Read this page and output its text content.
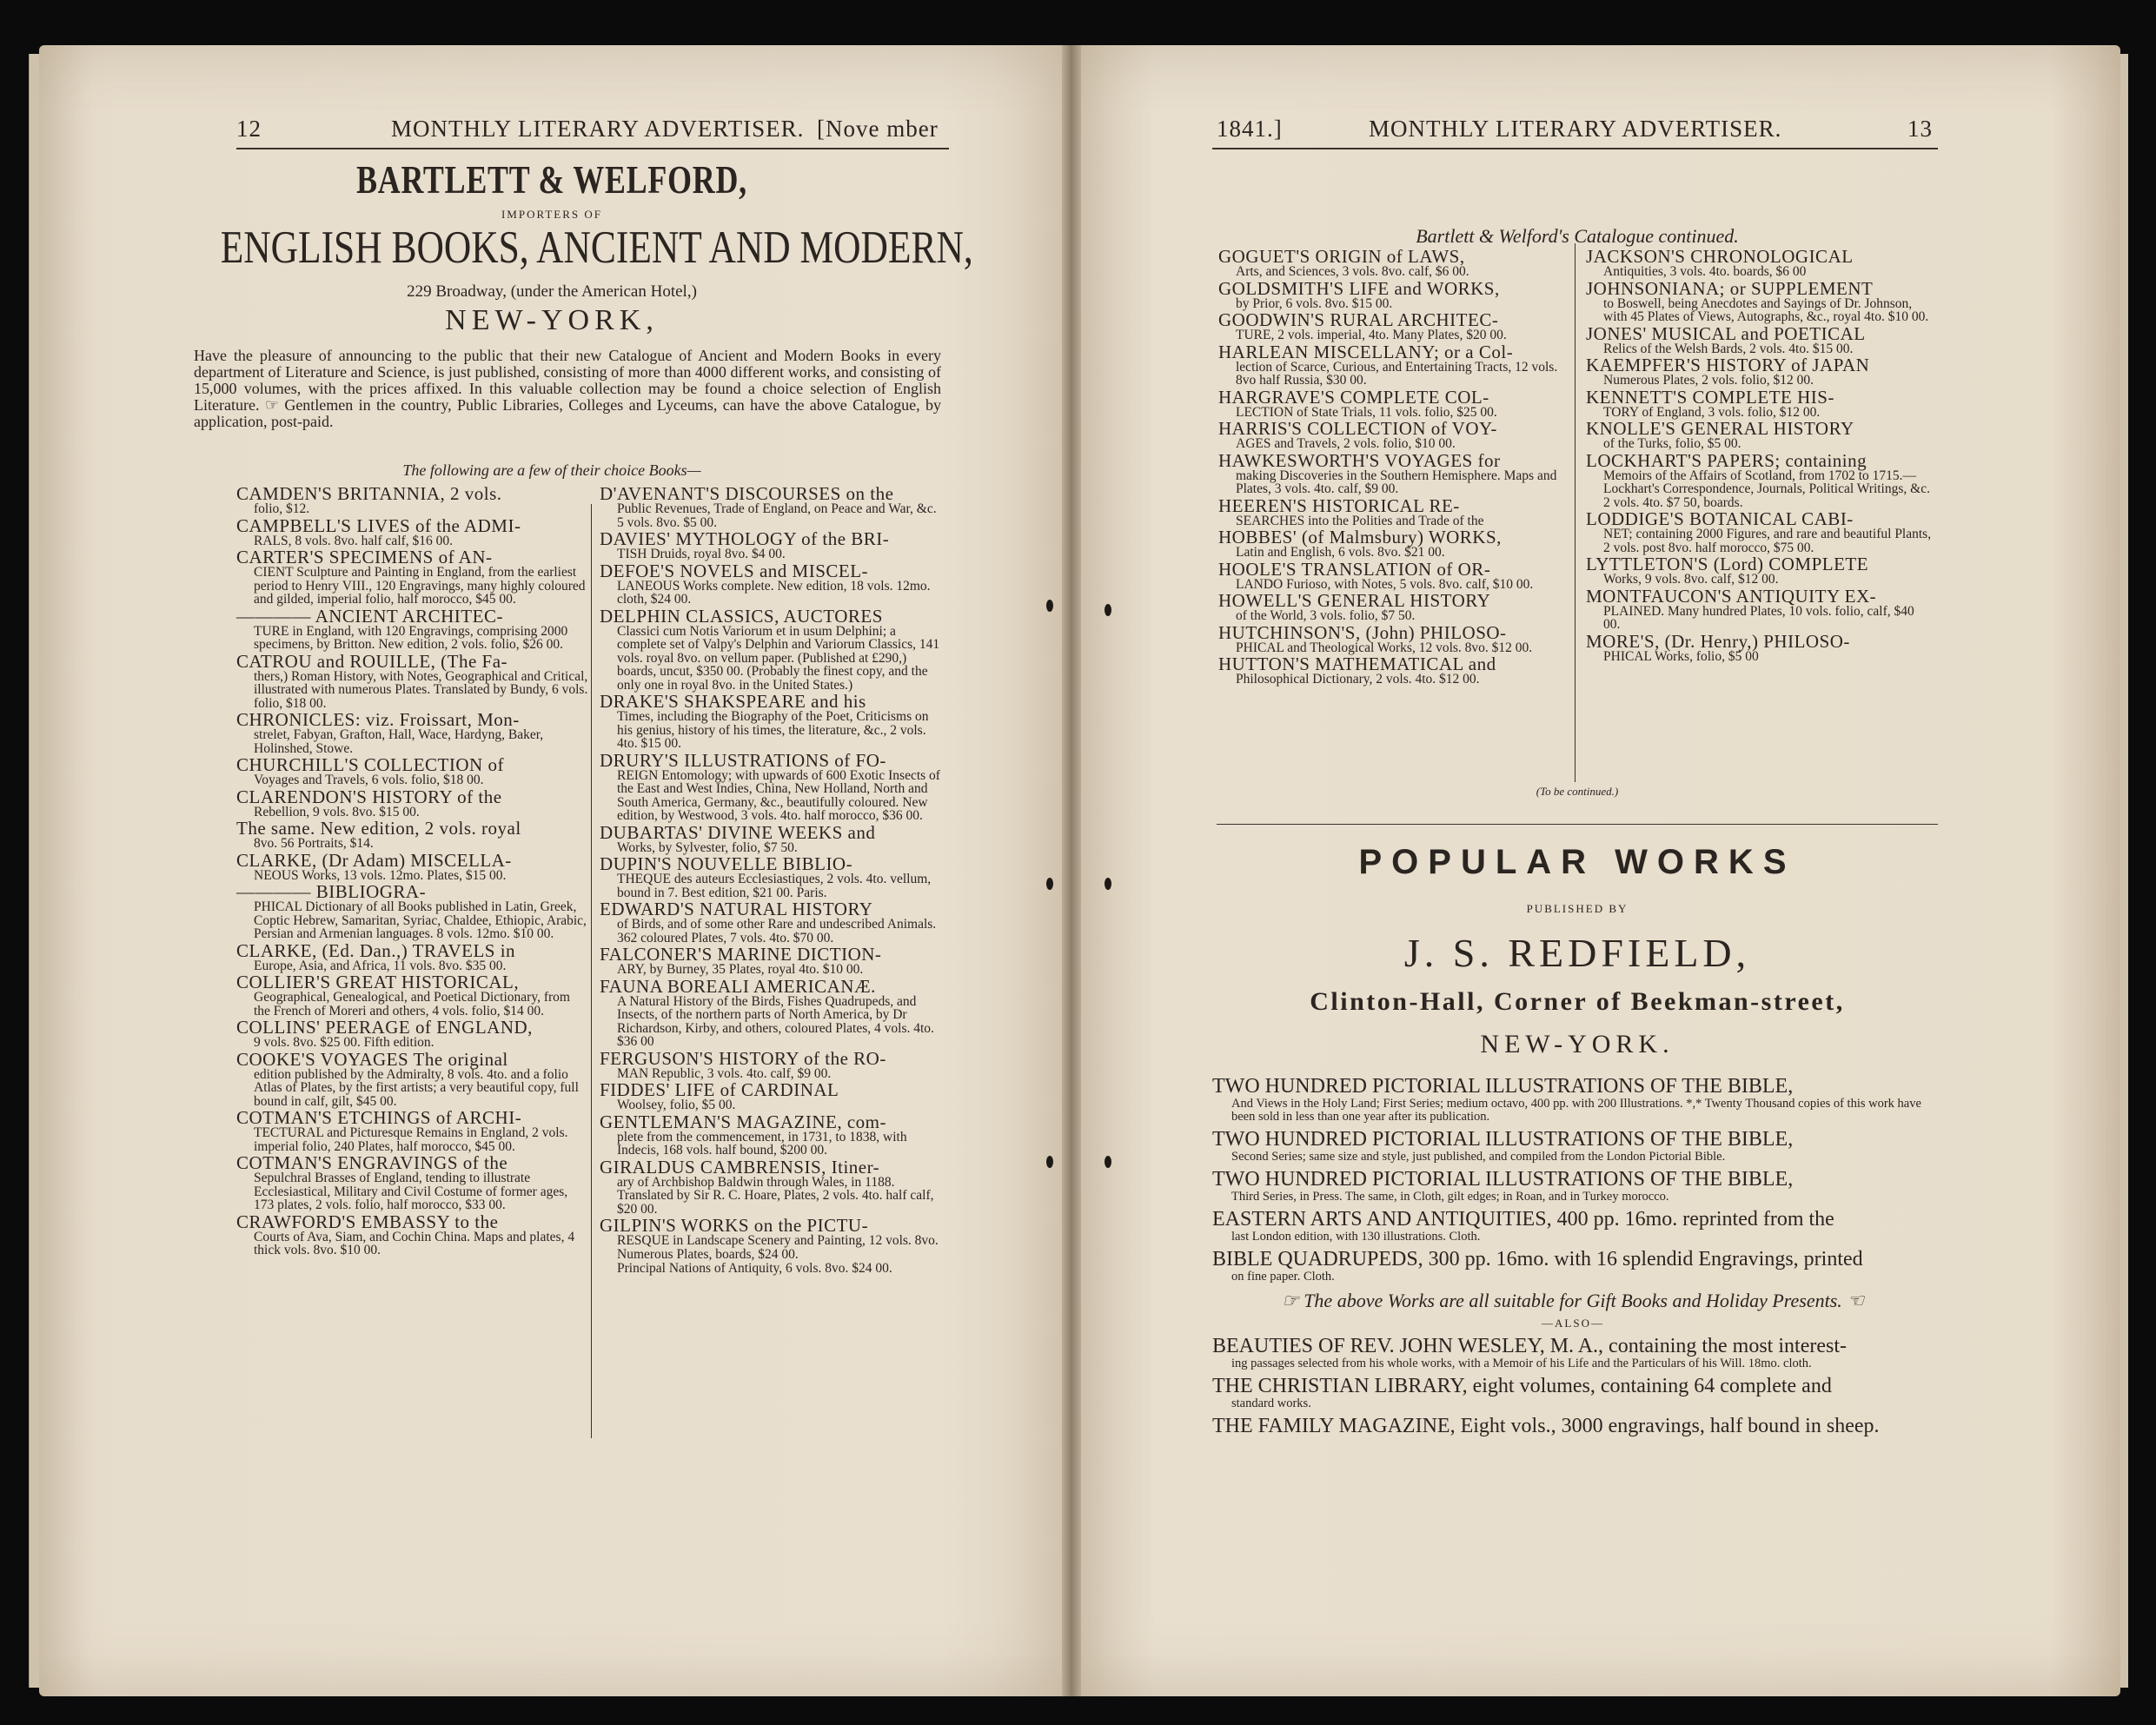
12	MONTHLY LITERARY ADVERTISER. [Nove mber
BARTLETT & WELFORD,
IMPORTERS OF
ENGLISH BOOKS, ANCIENT AND MODERN,
229 Broadway, (under the American Hotel,)
NEW-YORK,
Have the pleasure of announcing to the public that their new Catalogue of Ancient and Modern Books in every department of Literature and Science, is just published, consisting of more than 4000 different works, and consisting of 15,000 volumes, with the prices affixed. In this valuable collection may be found a choice selection of English Literature. ☞ Gentlemen in the country, Public Libraries, Colleges and Lyceums, can have the above Catalogue, by application, post-paid.
The following are a few of their choice Books—
CAMDEN'S BRITANNIA, 2 vols.
folio, $12.
CAMPBELL'S LIVES of the ADMI-
RALS, 8 vols. 8vo. half calf, $16 00.
CARTER'S SPECIMENS of AN-
CIENT Sculpture and Painting in England, from the earliest period to Henry VIII., 120 Engravings, many highly coloured and gilded, imperial folio, half morocco, $45 00.
———— ANCIENT ARCHITEC-
TURE in England, with 120 Engravings, comprising 2000 specimens, by Britton. New edition, 2 vols. folio, $26 00.
CATROU and ROUILLE, (The Fa-
thers,) Roman History, with Notes, Geographical and Critical, illustrated with numerous Plates. Translated by Bundy, 6 vols. folio, $18 00.
CHRONICLES: viz. Froissart, Mon-
strelet, Fabyan, Grafton, Hall, Wace, Hardyng, Baker, Holinshed, Stowe.
CHURCHILL'S COLLECTION of
Voyages and Travels, 6 vols. folio, $18 00.
CLARENDON'S HISTORY of the
Rebellion, 9 vols. 8vo. $15 00.
The same. New edition, 2 vols. royal
8vo. 56 Portraits, $14.
CLARKE, (Dr Adam) MISCELLA-
NEOUS Works, 13 vols. 12mo. Plates, $15 00.
———— BIBLIOGRA-
PHICAL Dictionary of all Books published in Latin, Greek, Coptic Hebrew, Samaritan, Syriac, Chaldee, Ethiopic, Arabic, Persian and Armenian languages. 8 vols. 12mo. $10 00.
CLARKE, (Ed. Dan.,) TRAVELS in
Europe, Asia, and Africa, 11 vols. 8vo. $35 00.
COLLIER'S GREAT HISTORICAL,
Geographical, Genealogical, and Poetical Dictionary, from the French of Moreri and others, 4 vols. folio, $14 00.
COLLINS' PEERAGE of ENGLAND,
9 vols. 8vo. $25 00. Fifth edition.
COOKE'S VOYAGES The original
edition published by the Admiralty, 8 vols. 4to. and a folio Atlas of Plates, by the first artists; a very beautiful copy, full bound in calf, gilt, $45 00.
COTMAN'S ETCHINGS of ARCHI-
TECTURAL and Picturesque Remains in England, 2 vols. imperial folio, 240 Plates, half morocco, $45 00.
COTMAN'S ENGRAVINGS of the
Sepulchral Brasses of England, tending to illustrate Ecclesiastical, Military and Civil Costume of former ages, 173 plates, 2 vols. folio, half morocco, $33 00.
CRAWFORD'S EMBASSY to the
Courts of Ava, Siam, and Cochin China. Maps and plates, 4 thick vols. 8vo. $10 00.
D'AVENANT'S DISCOURSES on the
Public Revenues, Trade of England, on Peace and War, &c. 5 vols. 8vo. $5 00.
DAVIES' MYTHOLOGY of the BRI-
TISH Druids, royal 8vo. $4 00.
DEFOE'S NOVELS and MISCEL-
LANEOUS Works complete. New edition, 18 vols. 12mo. cloth, $24 00.
DELPHIN CLASSICS, AUCTORES
Classici cum Notis Variorum et in usum Delphini; a complete set of Valpy's Delphin and Variorum Classics, 141 vols. royal 8vo. on vellum paper. (Published at £290,) boards, uncut, $350 00. (Probably the finest copy, and the only one in royal 8vo. in the United States.)
DRAKE'S SHAKSPEARE and his
Times, including the Biography of the Poet, Criticisms on his genius, history of his times, the literature, &c., 2 vols. 4to. $15 00.
DRURY'S ILLUSTRATIONS of FO-
REIGN Entomology; with upwards of 600 Exotic Insects of the East and West Indies, China, New Holland, North and South America, Germany, &c., beautifully coloured. New edition, by Westwood, 3 vols. 4to. half morocco, $36 00.
DUBARTAS' DIVINE WEEKS and
Works, by Sylvester, folio, $7 50.
DUPIN'S NOUVELLE BIBLIO-
THEQUE des auteurs Ecclesiastiques, 2 vols. 4to. vellum, bound in 7. Best edition, $21 00. Paris.
EDWARD'S NATURAL HISTORY
of Birds, and of some other Rare and undescribed Animals. 362 coloured Plates, 7 vols. 4to. $70 00.
FALCONER'S MARINE DICTION-
ARY, by Burney, 35 Plates, royal 4to. $10 00.
FAUNA BOREALI AMERICANÆ.
A Natural History of the Birds, Fishes Quadrupeds, and Insects, of the northern parts of North America, by Dr Richardson, Kirby, and others, coloured Plates, 4 vols. 4to. $36 00
FERGUSON'S HISTORY of the RO-
MAN Republic, 3 vols. 4to. calf, $9 00.
FIDDES' LIFE of CARDINAL
Woolsey, folio, $5 00.
GENTLEMAN'S MAGAZINE, com-
plete from the commencement, in 1731, to 1838, with Indecis, 168 vols. half bound, $200 00.
GIRALDUS CAMBRENSIS, Itiner-
ary of Archbishop Baldwin through Wales, in 1188. Translated by Sir R. C. Hoare, Plates, 2 vols. 4to. half calf, $20 00.
GILPIN'S WORKS on the PICTU-
RESQUE in Landscape Scenery and Painting, 12 vols. 8vo. Numerous Plates, boards, $24 00.
Principal Nations of Antiquity, 6 vols. 8vo. $24 00.
1841.]	MONTHLY LITERARY ADVERTISER.	13
Bartlett & Welford's Catalogue continued.
GOGUET'S ORIGIN of LAWS,
Arts, and Sciences, 3 vols. 8vo. calf, $6 00.
GOLDSMITH'S LIFE and WORKS,
by Prior, 6 vols. 8vo. $15 00.
GOODWIN'S RURAL ARCHITEC-
TURE, 2 vols. imperial, 4to. Many Plates, $20 00.
HARLEAN MISCELLANY; or a Col-
lection of Scarce, Curious, and Entertaining Tracts, 12 vols. 8vo half Russia, $30 00.
HARGRAVE'S COMPLETE COL-
LECTION of State Trials, 11 vols. folio, $25 00.
HARRIS'S COLLECTION of VOY-
AGES and Travels, 2 vols. folio, $10 00.
HAWKESWORTH'S VOYAGES for
making Discoveries in the Southern Hemisphere. Maps and Plates, 3 vols. 4to. calf, $9 00.
HEEREN'S HISTORICAL RE-
SEARCHES into the Polities and Trade of the
HOBBES' (of Malmsbury) WORKS,
Latin and English, 6 vols. 8vo. $21 00.
HOOLE'S TRANSLATION of OR-
LANDO Furioso, with Notes, 5 vols. 8vo. calf, $10 00.
HOWELL'S GENERAL HISTORY
of the World, 3 vols. folio, $7 50.
HUTCHINSON'S, (John) PHILOSO-
PHICAL and Theological Works, 12 vols. 8vo. $12 00.
HUTTON'S MATHEMATICAL and
Philosophical Dictionary, 2 vols. 4to. $12 00.
JACKSON'S CHRONOLOGICAL
Antiquities, 3 vols. 4to. boards, $6 00
JOHNSONIANA; or SUPPLEMENT
to Boswell, being Anecdotes and Sayings of Dr. Johnson, with 45 Plates of Views, Autographs, &c., royal 4to. $10 00.
JONES' MUSICAL and POETICAL
Relics of the Welsh Bards, 2 vols. 4to. $15 00.
KAEMPFER'S HISTORY of JAPAN
Numerous Plates, 2 vols. folio, $12 00.
KENNETT'S COMPLETE HIS-
TORY of England, 3 vols. folio, $12 00.
KNOLLE'S GENERAL HISTORY
of the Turks, folio, $5 00.
LOCKHART'S PAPERS; containing
Memoirs of the Affairs of Scotland, from 1702 to 1715.—Lockhart's Correspondence, Journals, Political Writings, &c. 2 vols. 4to. $7 50, boards.
LODDIGE'S BOTANICAL CABI-
NET; containing 2000 Figures, and rare and beautiful Plants, 2 vols. post 8vo. half morocco, $75 00.
LYTTLETON'S (Lord) COMPLETE
Works, 9 vols. 8vo. calf, $12 00.
MONTFAUCON'S ANTIQUITY EX-
PLAINED. Many hundred Plates, 10 vols. folio, calf, $40 00.
MORE'S, (Dr. Henry,) PHILOSO-
PHICAL Works, folio, $5 00
(To be continued.)
POPULAR WORKS
PUBLISHED BY
J. S. REDFIELD,
Clinton-Hall, Corner of Beekman-street,
NEW-YORK.
TWO HUNDRED PICTORIAL ILLUSTRATIONS OF THE BIBLE,
And Views in the Holy Land; First Series; medium octavo, 400 pp. with 200 Illustrations. *,* Twenty Thousand copies of this work have been sold in less than one year after its publication.
TWO HUNDRED PICTORIAL ILLUSTRATIONS OF THE BIBLE,
Second Series; same size and style, just published, and compiled from the London Pictorial Bible.
TWO HUNDRED PICTORIAL ILLUSTRATIONS OF THE BIBLE,
Third Series, in Press. The same, in Cloth, gilt edges; in Roan, and in Turkey morocco.
EASTERN ARTS AND ANTIQUITIES, 400 pp. 16mo. reprinted from the
last London edition, with 130 illustrations. Cloth.
BIBLE QUADRUPEDS, 300 pp. 16mo. with 16 splendid Engravings, printed
on fine paper. Cloth.
☞ The above Works are all suitable for Gift Books and Holiday Presents. ☜
—ALSO—
BEAUTIES OF REV. JOHN WESLEY, M. A., containing the most interest-
ing passages selected from his whole works, with a Memoir of his Life and the Particulars of his Will. 18mo. cloth.
THE CHRISTIAN LIBRARY, eight volumes, containing 64 complete and
standard works.
THE FAMILY MAGAZINE, Eight vols., 3000 engravings, half bound in sheep.
